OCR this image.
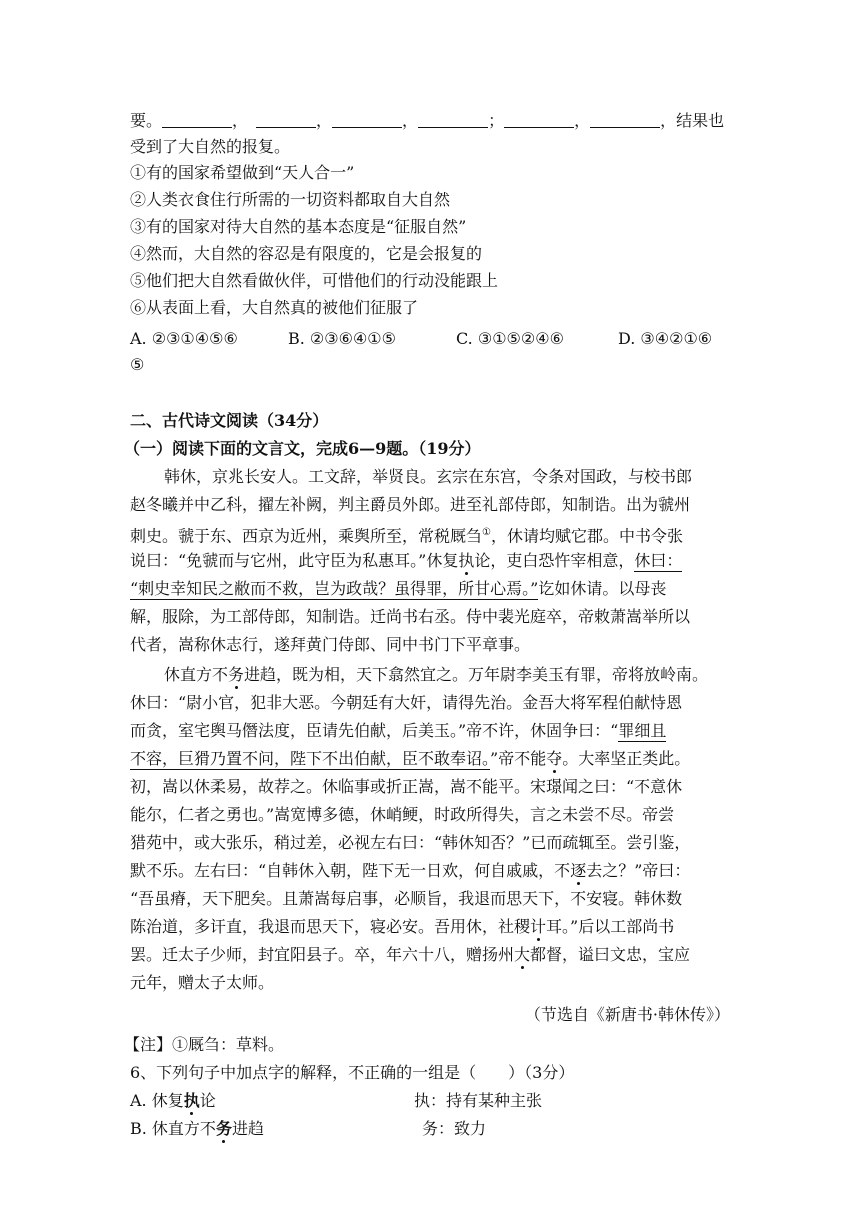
要。	，	，	，	；	，	，结果也
受到了大自然的报复。
①有的国家希望做到“天人合一”
②人类衣食住行所需的一切资料都取自大自然
③有的国家对待大自然的基本态度是“征服自然”
④然而，大自然的容忍是有限度的，它是会报复的
⑤他们把大自然看做伙伴，可惜他们的行动没能跟上
⑥从表面上看，大自然真的被他们征服了
A. ②③①④⑤⑥	B. ②③⑥④①⑤	C. ③①⑤②④⑥	D. ③④②①⑥
⑤
二、古代诗文阅读（34分）
（一）阅读下面的文言文，完成6—9题。（19分）
韩休，京兆长安人。工文辞，举贤良。玄宗在东宫，令条对国政，与校书郎
赵冬曦并中乙科，擢左补阙，判主爵员外郎。进至礼部侍郎，知制诰。出为虢州
刺史。虢于东、西京为近州，乘舆所至，常税厩刍①，休请均赋它郡。中书令张
说曰：“免虢而与它州，此守臣为私惠耳。”休复执论，吏白恐忤宰相意，休曰：
“刺史幸知民之敝而不救，岂为政哉？虽得罪，所甘心焉。”讫如休请。以母丧
解，服除，为工部侍郎，知制诰。迁尚书右丞。侍中裴光庭卒，帝敕萧嵩举所以
代者，嵩称休志行，遂拜黄门侍郎、同中书门下平章事。
休直方不务进趋，既为相，天下翕然宜之。万年尉李美玉有罪，帝将放岭南。
休曰：“尉小官，犯非大恶。今朝廷有大奸，请得先治。金吾大将军程伯献恃恩
而贪，室宅舆马僭法度，臣请先伯献，后美玉。”帝不许，休固争曰：“罪细且
不容，巨猾乃置不问，陛下不出伯献，臣不敢奉诏。”帝不能夺。大率坚正类此。
初，嵩以休柔易，故荐之。休临事或折正嵩，嵩不能平。宋璟闻之曰：“不意休
能尔，仁者之勇也。”嵩宽博多德，休峭鲠，时政所得失，言之未尝不尽。帝尝
猎苑中，或大张乐，稍过差，必视左右曰：“韩休知否？”已而疏辄至。尝引鉴，
默不乐。左右曰：“自韩休入朝，陛下无一日欢，何自戚戚，不逐去之？”帝曰：
“吾虽瘠，天下肥矣。且萧嵩每启事，必顺旨，我退而思天下，不安寝。韩休数
陈治道，多讦直，我退而思天下，寝必安。吾用休，社稷计耳。”后以工部尚书
罢。迁太子少师，封宜阳县子。卒，年六十八，赠扬州大都督，谥曰文忠，宝应
元年，赠太子太师。
（节选自《新唐书·韩休传》）
【注】①厩刍：草料。
6、下列句子中加点字的解释，不正确的一组是（　　）（3分）
A. 休复执论	执：持有某种主张
B. 休直方不务进趋	务：致力
